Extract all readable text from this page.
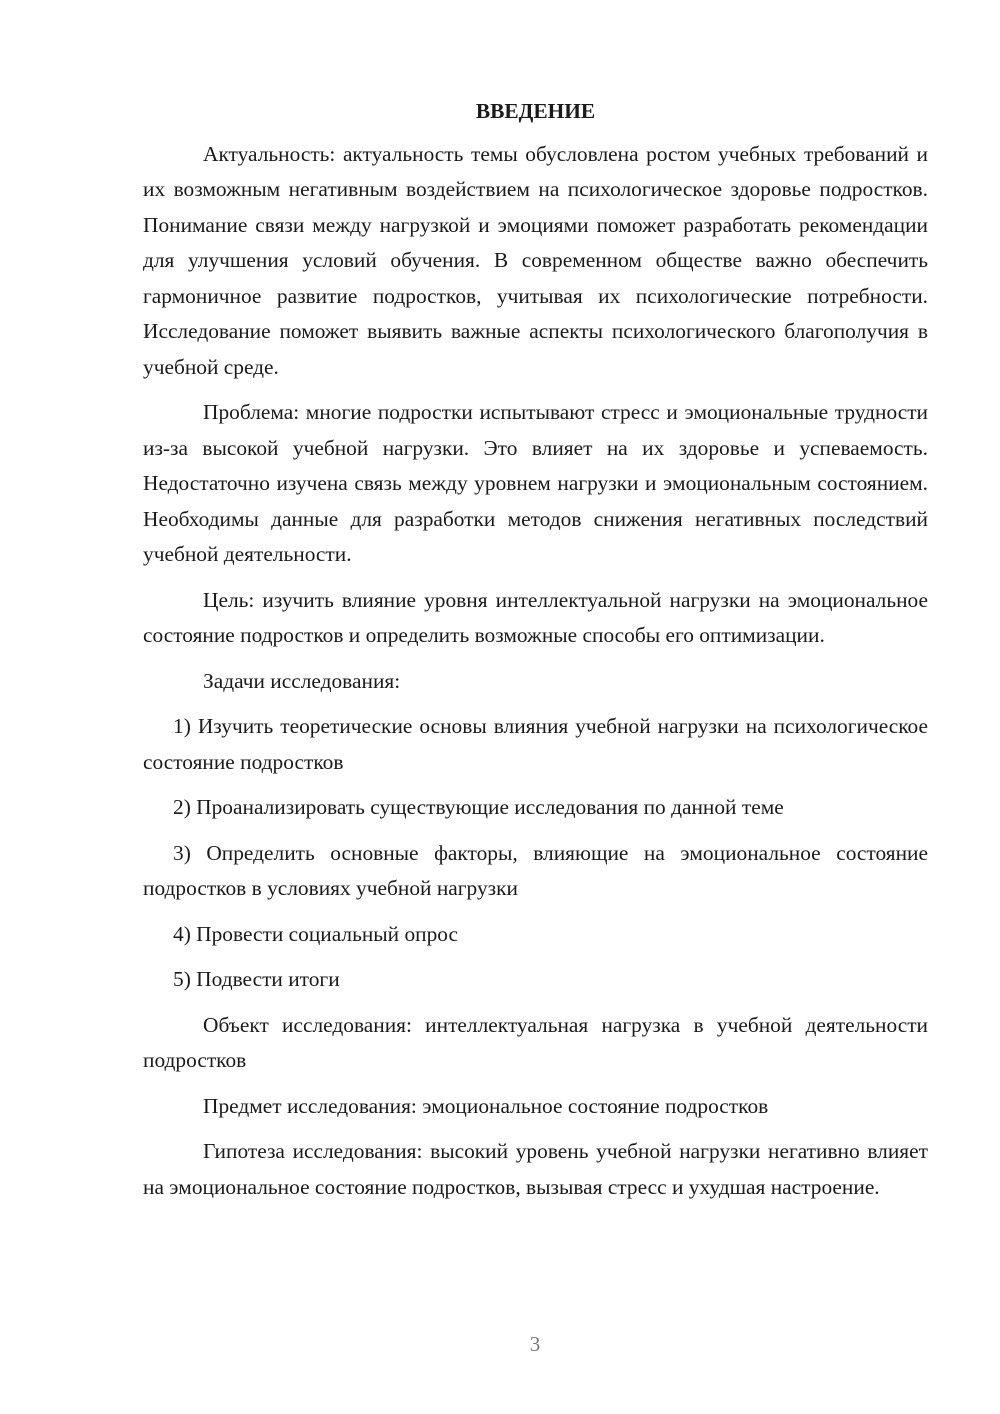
ВВЕДЕНИЕ

Актуальность: актуальность темы обусловлена ростом учебных требований и их возможным негативным воздействием на психологическое здоровье подростков. Понимание связи между нагрузкой и эмоциями поможет разработать рекомендации для улучшения условий обучения. В современном обществе важно обеспечить гармоничное развитие подростков, учитывая их психологические потребности. Исследование поможет выявить важные аспекты психологического благополучия в учебной среде.

Проблема: многие подростки испытывают стресс и эмоциональные трудности из-за высокой учебной нагрузки. Это влияет на их здоровье и успеваемость. Недостаточно изучена связь между уровнем нагрузки и эмоциональным состоянием. Необходимы данные для разработки методов снижения негативных последствий учебной деятельности.

Цель: изучить влияние уровня интеллектуальной нагрузки на эмоциональное состояние подростков и определить возможные способы его оптимизации.

Задачи исследования:

1) Изучить теоретические основы влияния учебной нагрузки на психологическое состояние подростков

2) Проанализировать существующие исследования по данной теме

3) Определить основные факторы, влияющие на эмоциональное состояние подростков в условиях учебной нагрузки

4) Провести социальный опрос

5) Подвести итоги

Объект исследования: интеллектуальная нагрузка в учебной деятельности подростков

Предмет исследования: эмоциональное состояние подростков

Гипотеза исследования: высокий уровень учебной нагрузки негативно влияет на эмоциональное состояние подростков, вызывая стресс и ухудшая настроение.

3
